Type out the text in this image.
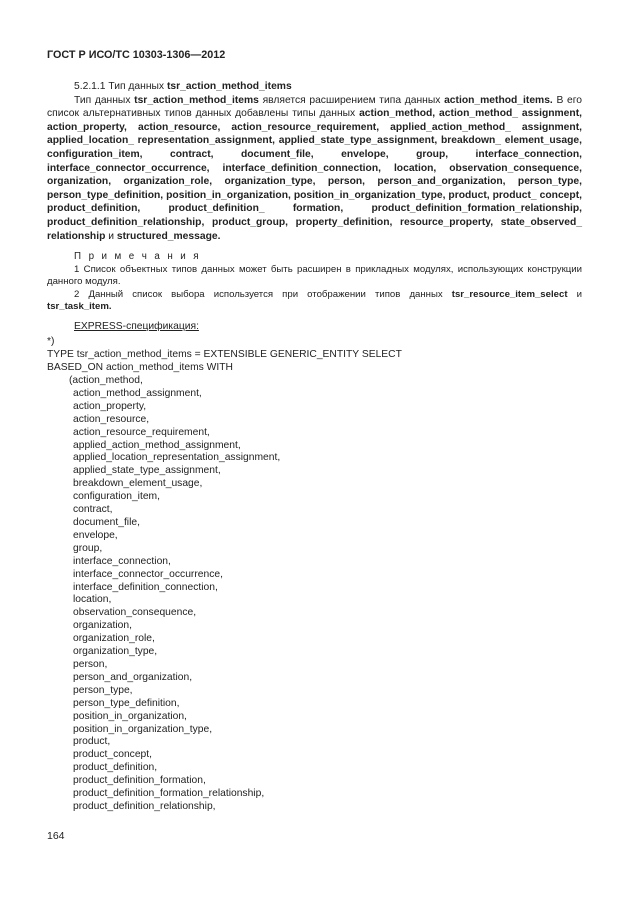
ГОСТ Р ИСО/ТС 10303-1306—2012

5.2.1.1 Тип данных tsr_action_method_items

Тип данных tsr_action_method_items является расширением типа данных action_method_items. В его список альтернативных типов данных добавлены типы данных action_method, action_method_ assignment, action_property, action_resource, action_resource_requirement, applied_action_method_ assignment, applied_location_ representation_assignment, applied_state_type_assignment, breakdown_ element_usage, configuration_item, contract, document_file, envelope, group, interface_connection, interface_connector_occurrence, interface_definition_connection, location, observation_consequence, organization, organization_role, organization_type, person, person_and_organization, person_type, person_type_definition, position_in_organization, position_in_organization_type, product, product_ concept, product_definition, product_definition_ formation, product_definition_formation_relationship, product_definition_relationship, product_group, property_definition, resource_property, state_observed_ relationship и structured_message.

П р и м е ч а н и я

1 Список объектных типов данных может быть расширен в прикладных модулях, использующих конструкции данного модуля.

2 Данный список выбора используется при отображении типов данных tsr_resource_item_select и tsr_task_item.

EXPRESS-спецификация:

*)
TYPE tsr_action_method_items = EXTENSIBLE GENERIC_ENTITY SELECT
BASED_ON action_method_items WITH
(action_method,
action_method_assignment,
action_property,
action_resource,
action_resource_requirement,
applied_action_method_assignment,
applied_location_representation_assignment,
applied_state_type_assignment,
breakdown_element_usage,
configuration_item,
contract,
document_file,
envelope,
group,
interface_connection,
interface_connector_occurrence,
interface_definition_connection,
location,
observation_consequence,
organization,
organization_role,
organization_type,
person,
person_and_organization,
person_type,
person_type_definition,
position_in_organization,
position_in_organization_type,
product,
product_concept,
product_definition,
product_definition_formation,
product_definition_formation_relationship,
product_definition_relationship,
164
